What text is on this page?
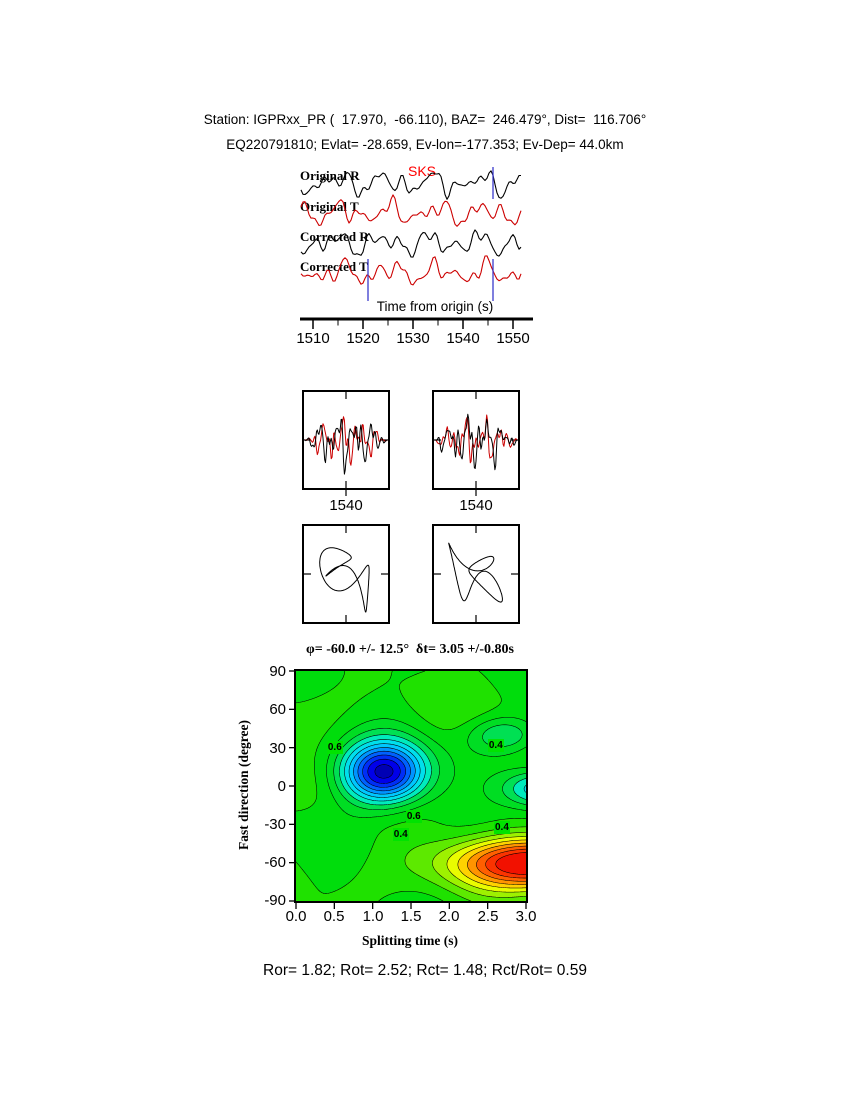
Station: IGPRxx_PR (  17.970,  -66.110), BAZ=  246.479°, Dist=  116.706°
EQ220791810; Evlat= -28.659, Ev-lon=-177.353; Ev-Dep= 44.0km
Original R
Original T
Corrected R
Corrected T
SKS
Time from origin (s)
1510	1520	1530	1540	1550
1540	1540
φ= -60.0 +/- 12.5°  δt= 3.05 +/-0.80s
Fast direction (degree)
90
60
30
0
-30
-60
-90
0.6	0.4
0.6
0.4
0.4
0.0	0.5	1.0	1.5	2.0	2.5	3.0
Splitting time (s)
Ror= 1.82; Rot= 2.52; Rct= 1.48; Rct/Rot= 0.59
